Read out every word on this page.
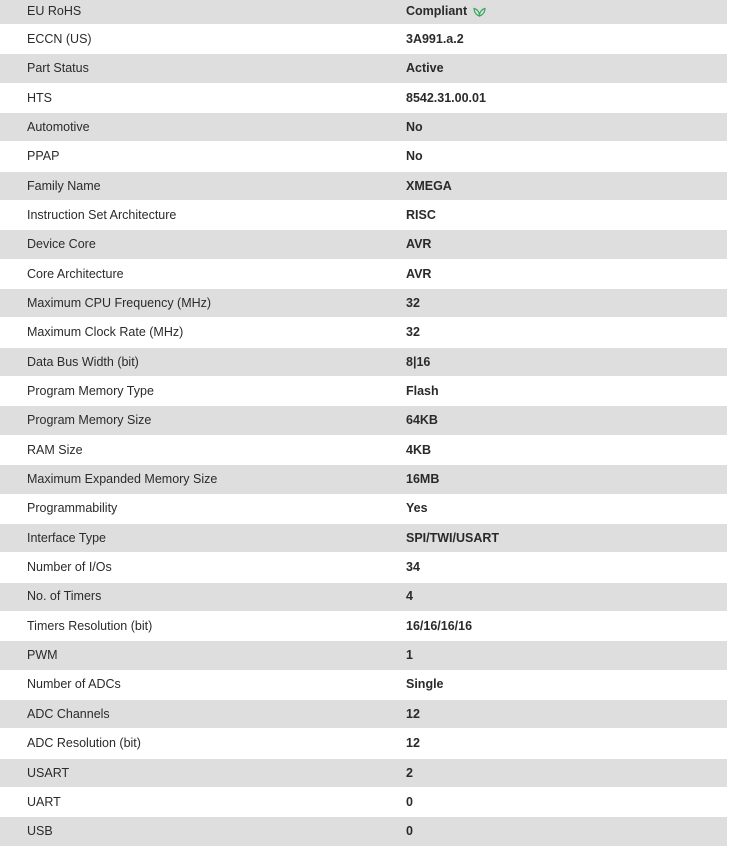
EU RoHS	Compliant

ECCN (US)	3A991.a.2
Part Status	Active
HTS	8542.31.00.01
Automotive	No
PPAP	No
Family Name	XMEGA
Instruction Set Architecture	RISC
Device Core	AVR
Core Architecture	AVR
Maximum CPU Frequency (MHz)	32
Maximum Clock Rate (MHz)	32
Data Bus Width (bit)	8|16
Program Memory Type	Flash
Program Memory Size	64KB
RAM Size	4KB
Maximum Expanded Memory Size	16MB
Programmability	Yes
Interface Type	SPI/TWI/USART
Number of I/Os	34
No. of Timers	4
Timers Resolution (bit)	16/16/16/16
PWM	1
Number of ADCs	Single
ADC Channels	12
ADC Resolution (bit)	12
USART	2
UART	0
USB	0
